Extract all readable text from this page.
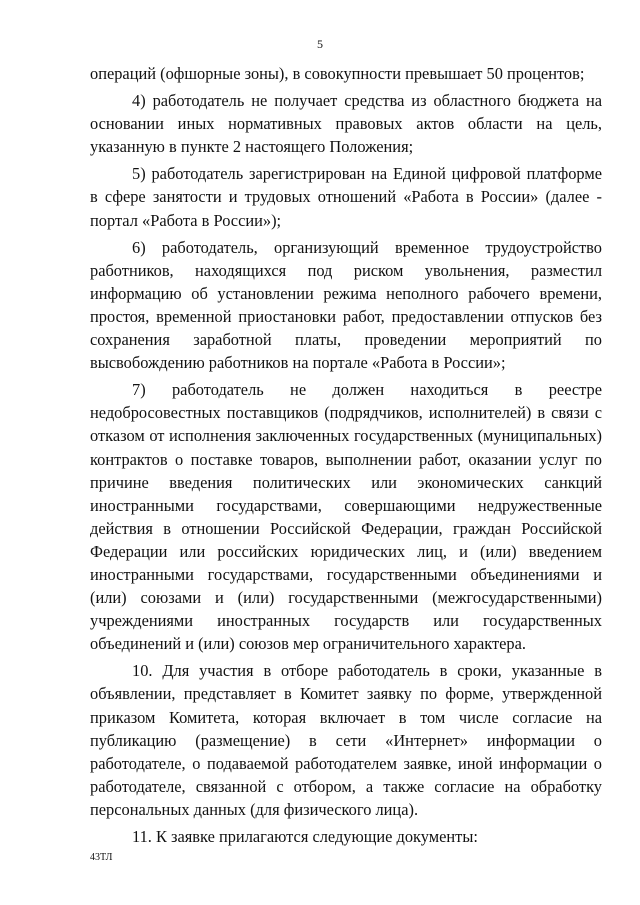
5

операций (офшорные зоны), в совокупности превышает 50 процентов;

4) работодатель не получает средства из областного бюджета на основании иных нормативных правовых актов области на цель, указанную в пункте 2 настоящего Положения;

5) работодатель зарегистрирован на Единой цифровой платформе в сфере занятости и трудовых отношений «Работа в России» (далее - портал «Работа в России»);

6) работодатель, организующий временное трудоустройство работников, находящихся под риском увольнения, разместил информацию об установлении режима неполного рабочего времени, простоя, временной приостановки работ, предоставлении отпусков без сохранения заработной платы, проведении мероприятий по высвобождению работников на портале «Работа в России»;

7) работодатель не должен находиться в реестре недобросовестных поставщиков (подрядчиков, исполнителей) в связи с отказом от исполнения заключенных государственных (муниципальных) контрактов о поставке товаров, выполнении работ, оказании услуг по причине введения политических или экономических санкций иностранными государствами, совершающими недружественные действия в отношении Российской Федерации, граждан Российской Федерации или российских юридических лиц, и (или) введением иностранными государствами, государственными объединениями и (или) союзами и (или) государственными (межгосударственными) учреждениями иностранных государств или государственных объединений и (или) союзов мер ограничительного характера.

10. Для участия в отборе работодатель в сроки, указанные в объявлении, представляет в Комитет заявку по форме, утвержденной приказом Комитета, которая включает в том числе согласие на публикацию (размещение) в сети «Интернет» информации о работодателе, о подаваемой работодателем заявке, иной информации о работодателе, связанной с отбором, а также согласие на обработку персональных данных (для физического лица).

11. К заявке прилагаются следующие документы:

43ТЛ
